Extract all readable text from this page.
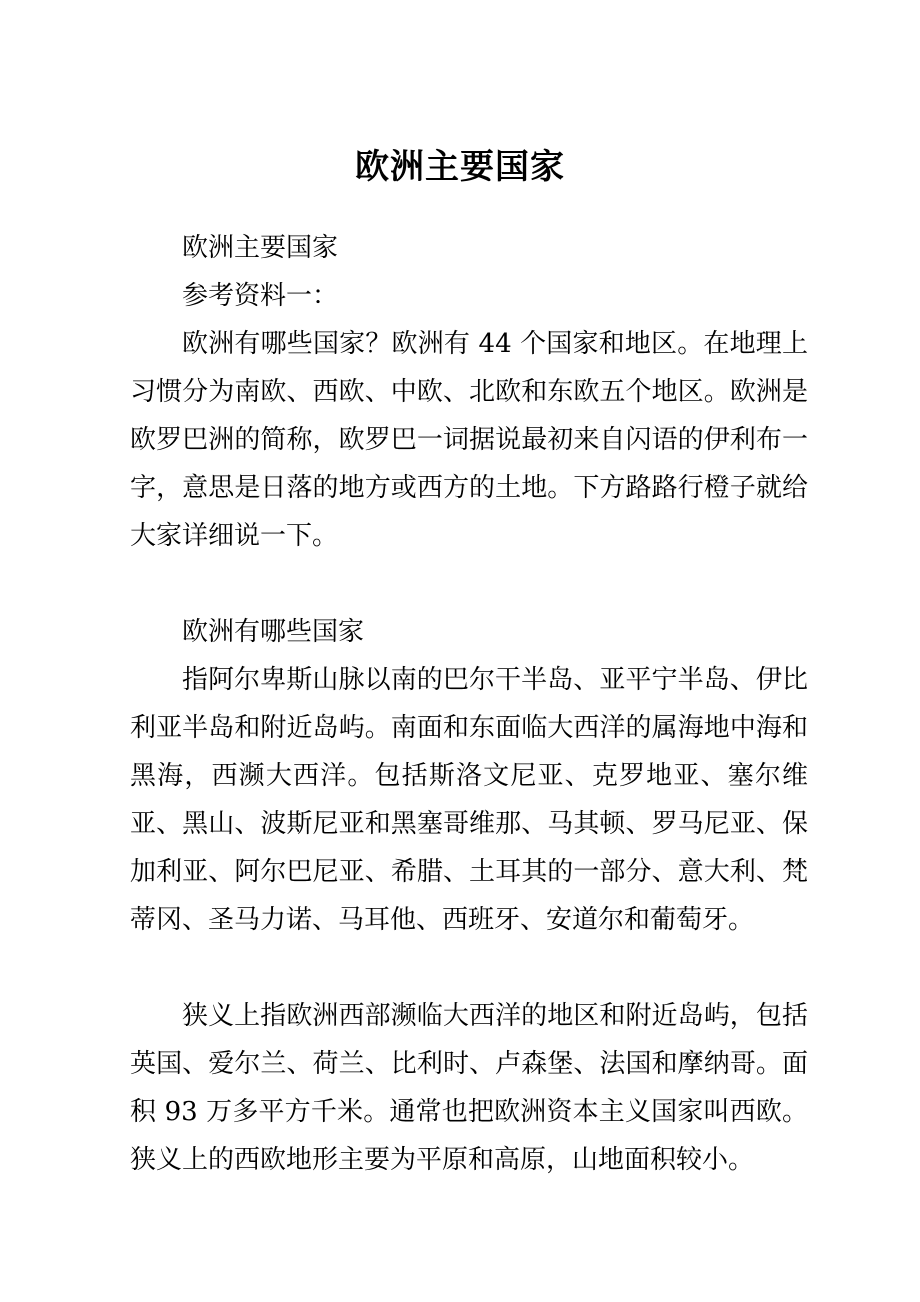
欧洲主要国家

欧洲主要国家

参考资料一：

欧洲有哪些国家？欧洲有 44 个国家和地区。在地理上习惯分为南欧、西欧、中欧、北欧和东欧五个地区。欧洲是欧罗巴洲的简称，欧罗巴一词据说最初来自闪语的伊利布一字，意思是日落的地方或西方的土地。下方路路行橙子就给大家详细说一下。

欧洲有哪些国家

指阿尔卑斯山脉以南的巴尔干半岛、亚平宁半岛、伊比利亚半岛和附近岛屿。南面和东面临大西洋的属海地中海和黑海，西濒大西洋。包括斯洛文尼亚、克罗地亚、塞尔维亚、黑山、波斯尼亚和黑塞哥维那、马其顿、罗马尼亚、保加利亚、阿尔巴尼亚、希腊、土耳其的一部分、意大利、梵蒂冈、圣马力诺、马耳他、西班牙、安道尔和葡萄牙。

狭义上指欧洲西部濒临大西洋的地区和附近岛屿，包括英国、爱尔兰、荷兰、比利时、卢森堡、法国和摩纳哥。面积 93 万多平方千米。通常也把欧洲资本主义国家叫西欧。狭义上的西欧地形主要为平原和高原，山地面积较小。
